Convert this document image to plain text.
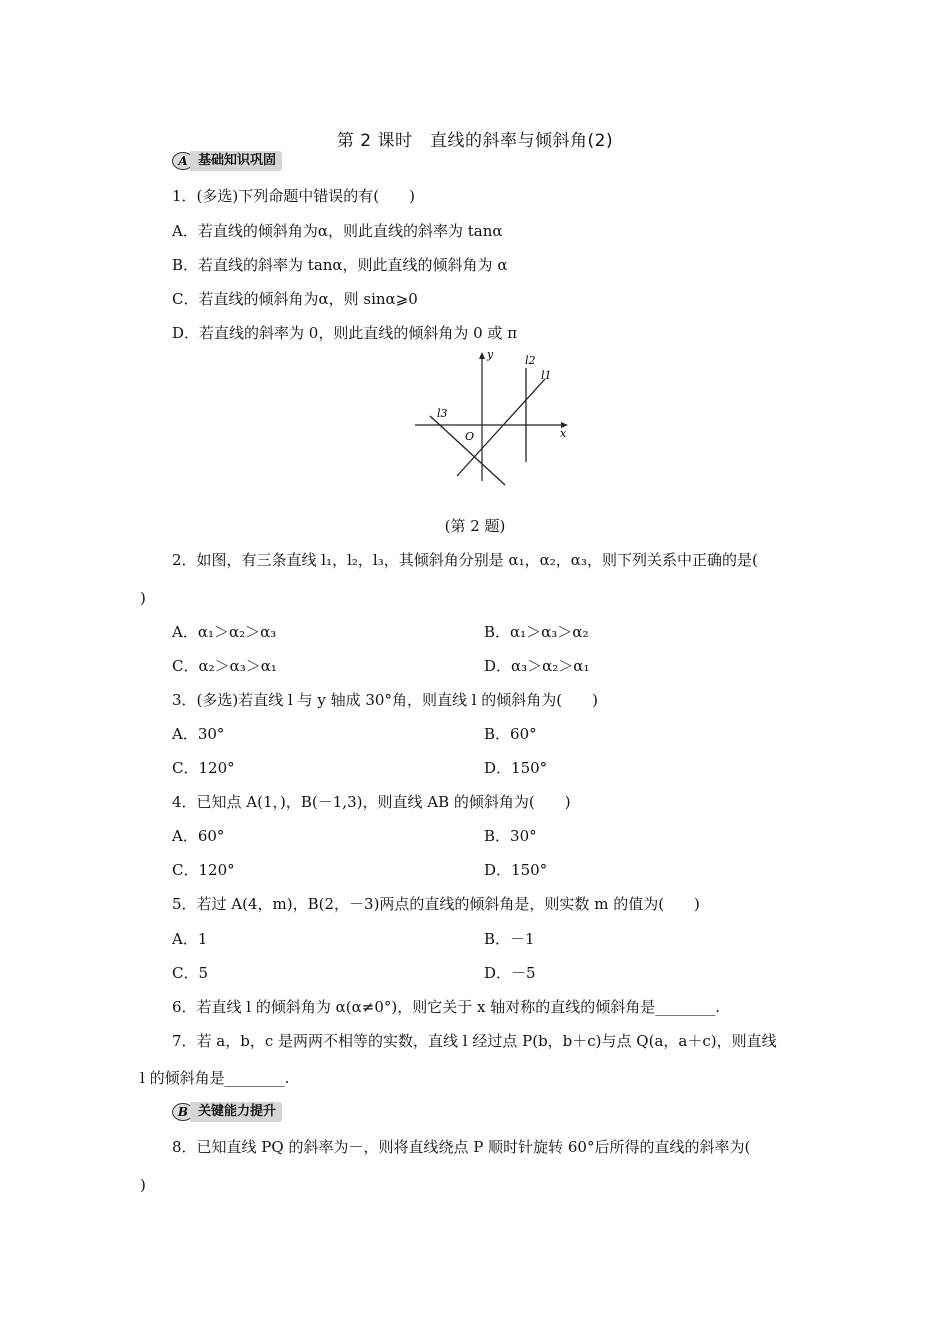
第 2 课时　直线的斜率与倾斜角(2)
A 基础知识巩固
1．(多选)下列命题中错误的有(　　)
A．若直线的倾斜角为α，则此直线的斜率为 tanα
B．若直线的斜率为 tanα，则此直线的倾斜角为 α
C．若直线的倾斜角为α，则 sinα⩾0
D．若直线的斜率为 0，则此直线的倾斜角为 0 或 π
y
x
O
l2
l1
l3
(第 2 题)
2．如图，有三条直线 l₁，l₂，l₃，其倾斜角分别是 α₁，α₂，α₃，则下列关系中正确的是(
)
A．α₁＞α₂＞α₃	B．α₁＞α₃＞α₂
C．α₂＞α₃＞α₁	D．α₃＞α₂＞α₁
3．(多选)若直线 l 与 y 轴成 30°角，则直线 l 的倾斜角为(　　)
A．30°	B．60°
C．120°	D．150°
4．已知点 A(1，)，B(－1,3)，则直线 AB 的倾斜角为(　　)
A．60°	B．30°
C．120°	D．150°
5．若过 A(4，m)，B(2，－3)两点的直线的倾斜角是，则实数 m 的值为(　　)
A．1	B．－1
C．5	D．－5
6．若直线 l 的倾斜角为 α(α≠0°)，则它关于 x 轴对称的直线的倾斜角是________.
7．若 a，b，c 是两两不相等的实数，直线 l 经过点 P(b，b＋c)与点 Q(a，a＋c)，则直线
l 的倾斜角是________.
B 关键能力提升
8．已知直线 PQ 的斜率为－，则将直线绕点 P 顺时针旋转 60°后所得的直线的斜率为(
)
